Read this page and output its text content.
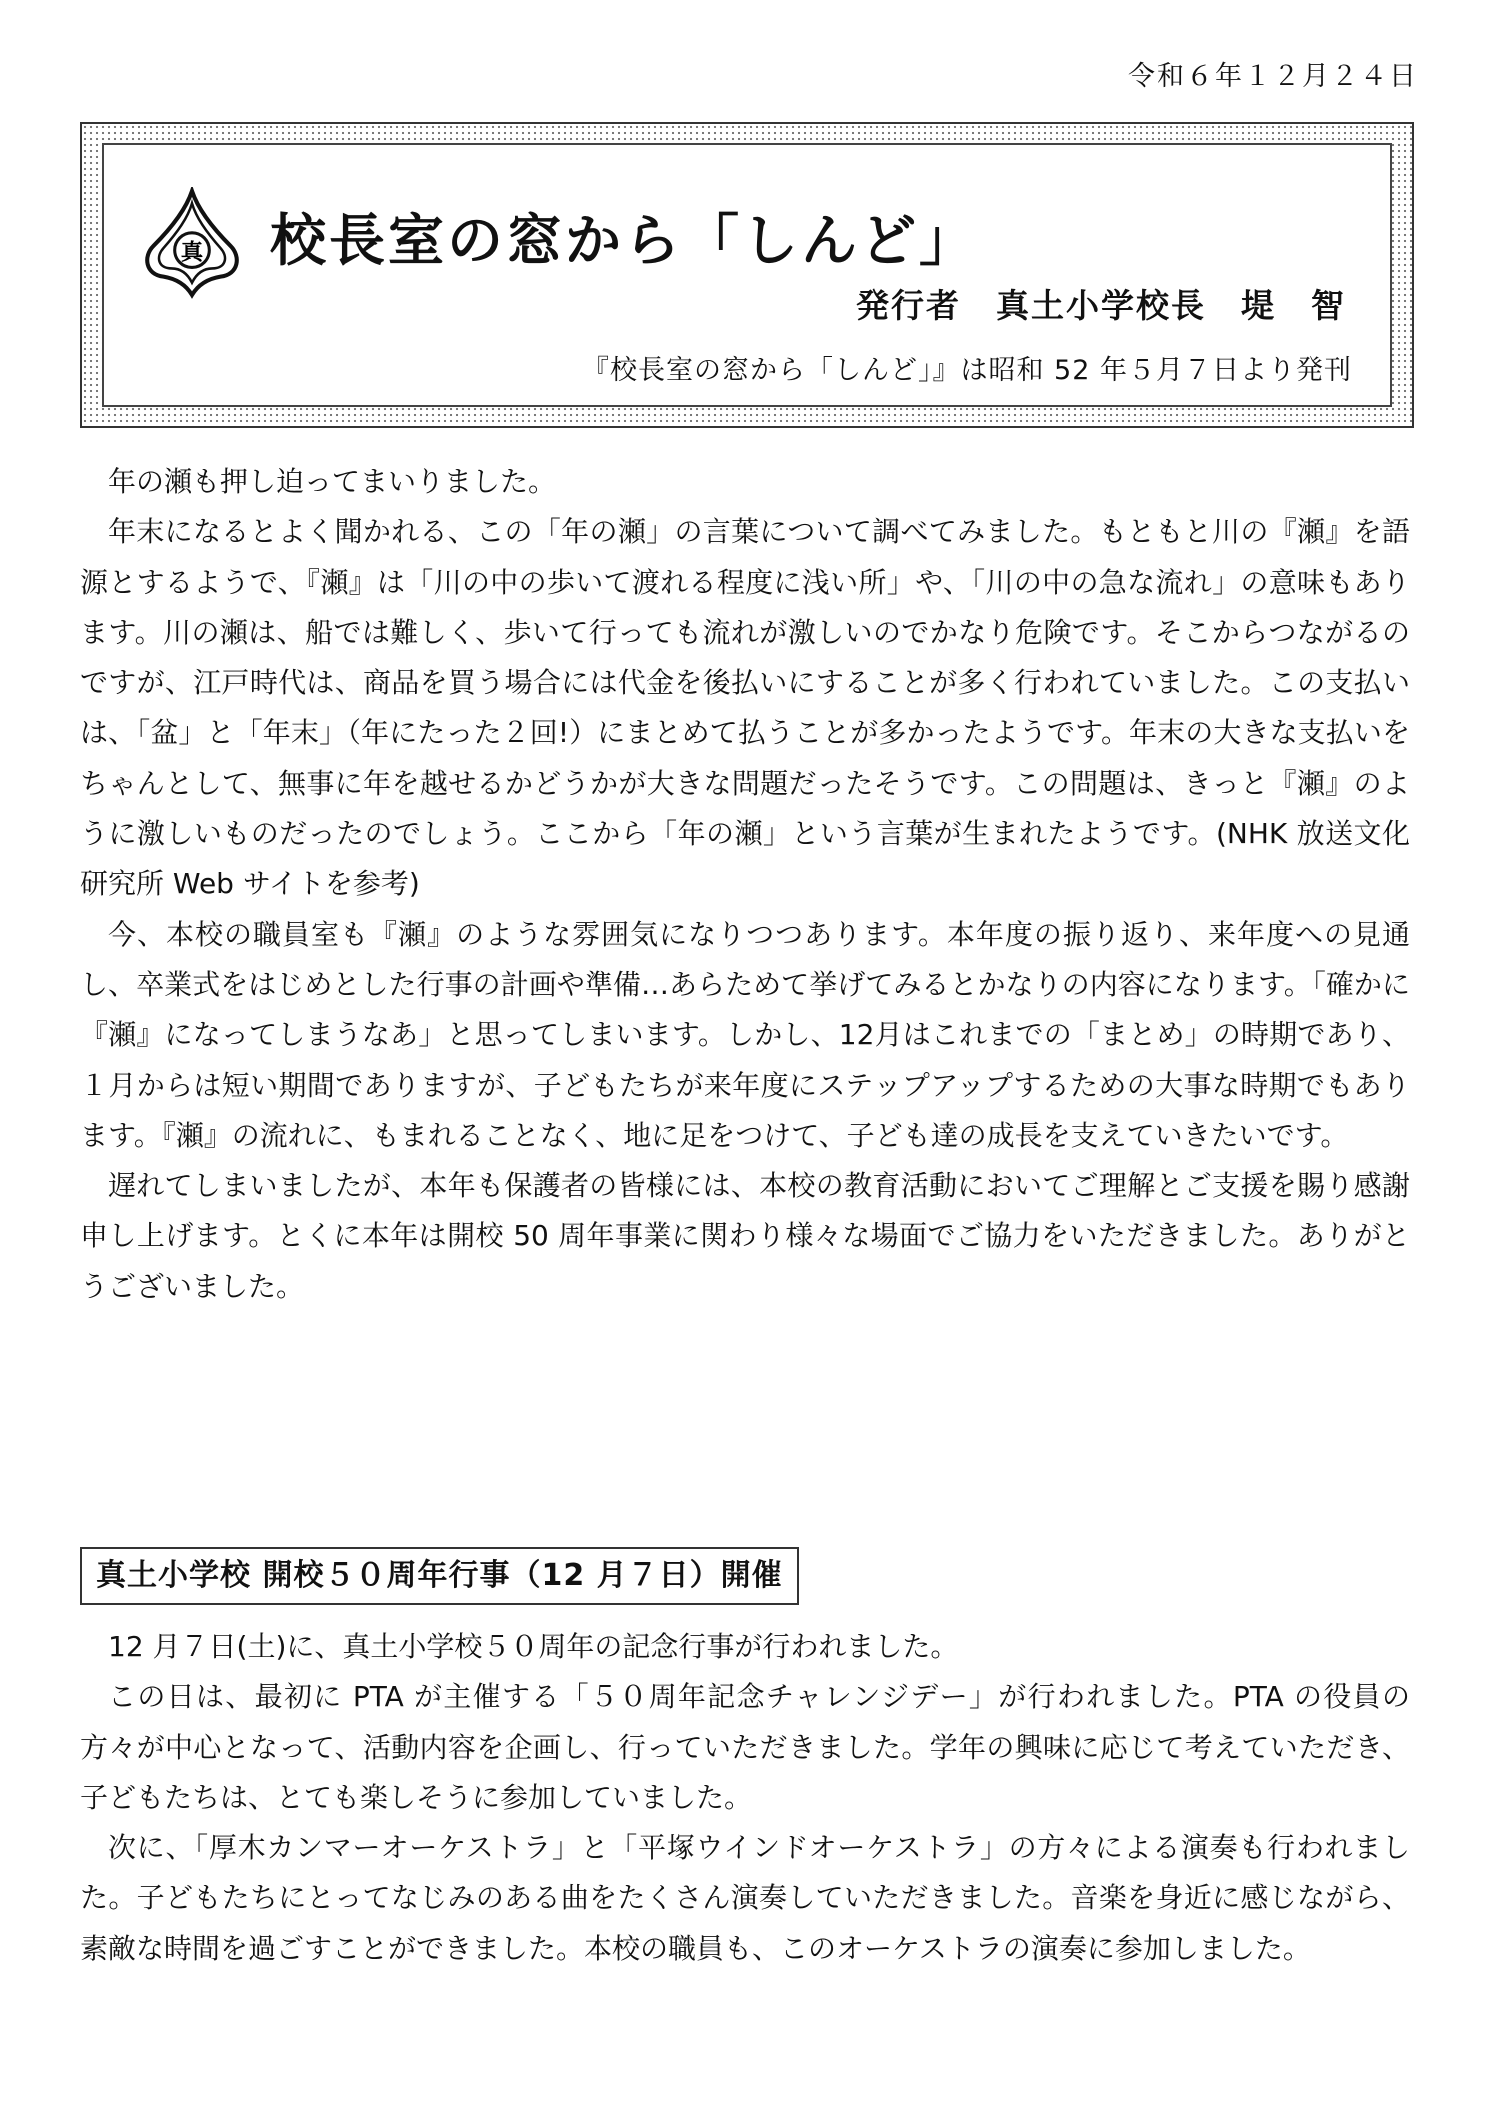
令和６年１２月２４日
真 校長室の窓から「しんど」
発行者　真土小学校長　堤　智
『校長室の窓から「しんど」』は昭和 52 年５月７日より発刊

年の瀬も押し迫ってまいりました。

年末になるとよく聞かれる、この「年の瀬」の言葉について調べてみました。もともと川の『瀬』を語源とするようで、『瀬』は「川の中の歩いて渡れる程度に浅い所」や、「川の中の急な流れ」の意味もあります。川の瀬は、船では難しく、歩いて行っても流れが激しいのでかなり危険です。そこからつながるのですが、江戸時代は、商品を買う場合には代金を後払いにすることが多く行われていました。この支払いは、「盆」と「年末」（年にたった２回!）にまとめて払うことが多かったようです。年末の大きな支払いをちゃんとして、無事に年を越せるかどうかが大きな問題だったそうです。この問題は、きっと『瀬』のように激しいものだったのでしょう。ここから「年の瀬」という言葉が生まれたようです。(NHK 放送文化研究所 Web サイトを参考)

今、本校の職員室も『瀬』のような雰囲気になりつつあります。本年度の振り返り、来年度への見通し、卒業式をはじめとした行事の計画や準備…あらためて挙げてみるとかなりの内容になります。「確かに『瀬』になってしまうなあ」と思ってしまいます。しかし、12月はこれまでの「まとめ」の時期であり、１月からは短い期間でありますが、子どもたちが来年度にステップアップするための大事な時期でもあります。『瀬』の流れに、もまれることなく、地に足をつけて、子ども達の成長を支えていきたいです。

遅れてしまいましたが、本年も保護者の皆様には、本校の教育活動においてご理解とご支援を賜り感謝申し上げます。とくに本年は開校 50 周年事業に関わり様々な場面でご協力をいただきました。ありがとうございました。

真土小学校 開校５０周年行事（12 月７日）開催

12 月７日(土)に、真土小学校５０周年の記念行事が行われました。

この日は、最初に PTA が主催する「５０周年記念チャレンジデー」が行われました。PTA の役員の方々が中心となって、活動内容を企画し、行っていただきました。学年の興味に応じて考えていただき、子どもたちは、とても楽しそうに参加していました。

次に、「厚木カンマーオーケストラ」と「平塚ウインドオーケストラ」の方々による演奏も行われました。子どもたちにとってなじみのある曲をたくさん演奏していただきました。音楽を身近に感じながら、素敵な時間を過ごすことができました。本校の職員も、このオーケストラの演奏に参加しました。
